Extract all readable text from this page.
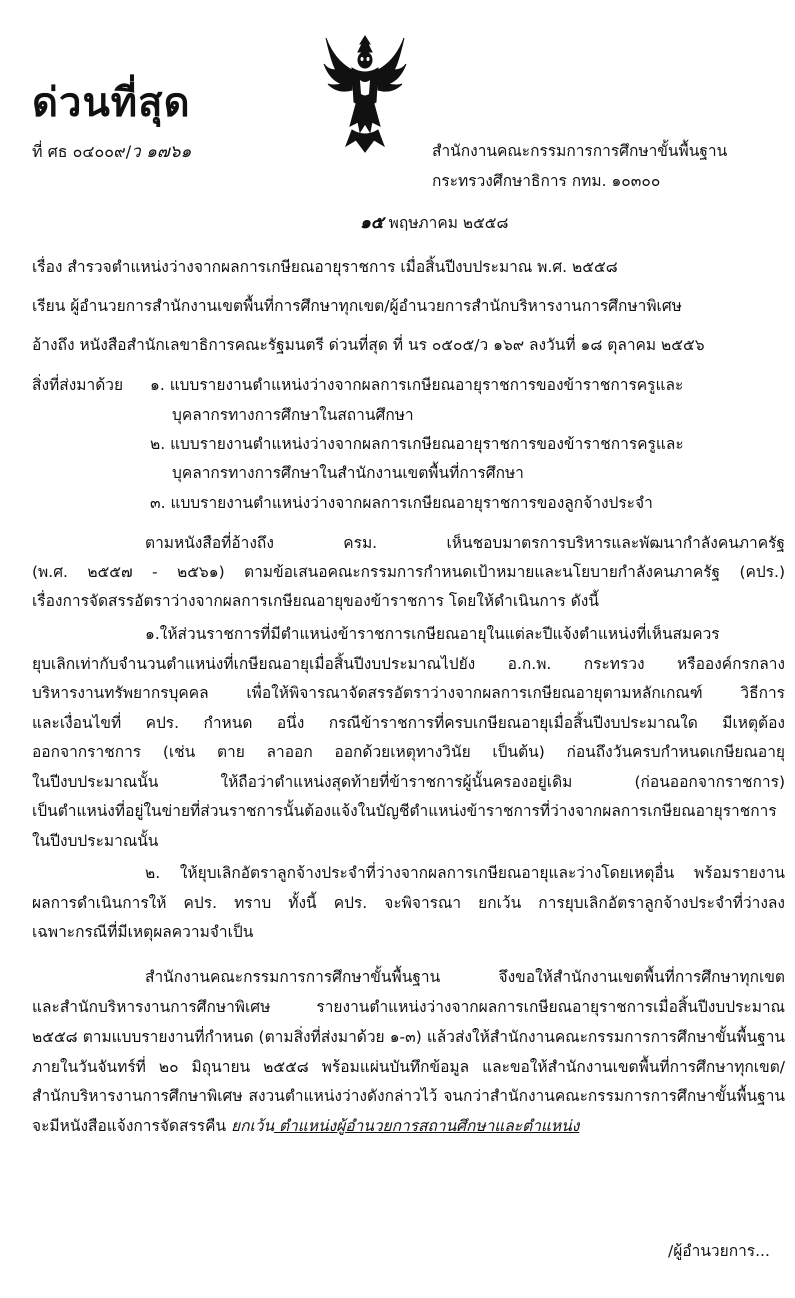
ด่วนที่สุด
ที่ ศธ ๐๔๐๐๙/ว ๑๗๖๑	สำนักงานคณะกรรมการการศึกษาขั้นพื้นฐาน
กระทรวงศึกษาธิการ กทม. ๑๐๓๐๐
๑๕ พฤษภาคม ๒๕๕๘
เรื่อง สำรวจตำแหน่งว่างจากผลการเกษียณอายุราชการ เมื่อสิ้นปีงบประมาณ พ.ศ. ๒๕๕๘
เรียน ผู้อำนวยการสำนักงานเขตพื้นที่การศึกษาทุกเขต/ผู้อำนวยการสำนักบริหารงานการศึกษาพิเศษ
อ้างถึง หนังสือสำนักเลขาธิการคณะรัฐมนตรี ด่วนที่สุด ที่ นร ๐๕๐๕/ว ๑๖๙ ลงวันที่ ๑๘ ตุลาคม ๒๕๕๖
สิ่งที่ส่งมาด้วย ๑. แบบรายงานตำแหน่งว่างจากผลการเกษียณอายุราชการของข้าราชการครูและ
บุคลากรทางการศึกษาในสถานศึกษา
๒. แบบรายงานตำแหน่งว่างจากผลการเกษียณอายุราชการของข้าราชการครูและ
บุคลากรทางการศึกษาในสำนักงานเขตพื้นที่การศึกษา
๓. แบบรายงานตำแหน่งว่างจากผลการเกษียณอายุราชการของลูกจ้างประจำ
ตามหนังสือที่อ้างถึง ครม. เห็นชอบมาตรการบริหารและพัฒนากำลังคนภาครัฐ
(พ.ศ. ๒๕๕๗ - ๒๕๖๑) ตามข้อเสนอคณะกรรมการกำหนดเป้าหมายและนโยบายกำลังคนภาครัฐ (คปร.)
เรื่องการจัดสรรอัตราว่างจากผลการเกษียณอายุของข้าราชการ โดยให้ดำเนินการ ดังนี้
๑.ให้ส่วนราชการที่มีตำแหน่งข้าราชการเกษียณอายุในแต่ละปีแจ้งตำแหน่งที่เห็นสมควร
ยุบเลิกเท่ากับจำนวนตำแหน่งที่เกษียณอายุเมื่อสิ้นปีงบประมาณไปยัง อ.ก.พ. กระทรวง หรือองค์กรกลาง
บริหารงานทรัพยากรบุคคล เพื่อให้พิจารณาจัดสรรอัตราว่างจากผลการเกษียณอายุตามหลักเกณฑ์ วิธีการ
และเงื่อนไขที่ คปร. กำหนด อนึ่ง กรณีข้าราชการที่ครบเกษียณอายุเมื่อสิ้นปีงบประมาณใด มีเหตุต้อง
ออกจากราชการ (เช่น ตาย ลาออก ออกด้วยเหตุทางวินัย เป็นต้น) ก่อนถึงวันครบกำหนดเกษียณอายุ
ในปีงบประมาณนั้น ให้ถือว่าตำแหน่งสุดท้ายที่ข้าราชการผู้นั้นครองอยู่เดิม (ก่อนออกจากราชการ)
เป็นตำแหน่งที่อยู่ในข่ายที่ส่วนราชการนั้นต้องแจ้งในบัญชีตำแหน่งข้าราชการที่ว่างจากผลการเกษียณอายุราชการ
ในปีงบประมาณนั้น
๒. ให้ยุบเลิกอัตราลูกจ้างประจำที่ว่างจากผลการเกษียณอายุและว่างโดยเหตุอื่น พร้อมรายงาน
ผลการดำเนินการให้ คปร. ทราบ ทั้งนี้ คปร. จะพิจารณา ยกเว้น การยุบเลิกอัตราลูกจ้างประจำที่ว่างลง
เฉพาะกรณีที่มีเหตุผลความจำเป็น
สำนักงานคณะกรรมการการศึกษาขั้นพื้นฐาน จึงขอให้สำนักงานเขตพื้นที่การศึกษาทุกเขต
และสำนักบริหารงานการศึกษาพิเศษ รายงานตำแหน่งว่างจากผลการเกษียณอายุราชการเมื่อสิ้นปีงบประมาณ
๒๕๕๘ ตามแบบรายงานที่กำหนด (ตามสิ่งที่ส่งมาด้วย ๑-๓) แล้วส่งให้สำนักงานคณะกรรมการการศึกษาขั้นพื้นฐาน
ภายในวันจันทร์ที่ ๒๐ มิถุนายน ๒๕๕๘ พร้อมแผ่นบันทึกข้อมูล และขอให้สำนักงานเขตพื้นที่การศึกษาทุกเขต/
สำนักบริหารงานการศึกษาพิเศษ สงวนตำแหน่งว่างดังกล่าวไว้ จนกว่าสำนักงานคณะกรรมการการศึกษาขั้นพื้นฐาน
จะมีหนังสือแจ้งการจัดสรรคืน ยกเว้น ตำแหน่งผู้อำนวยการสถานศึกษาและตำแหน่ง
/ผู้อำนวยการ...
